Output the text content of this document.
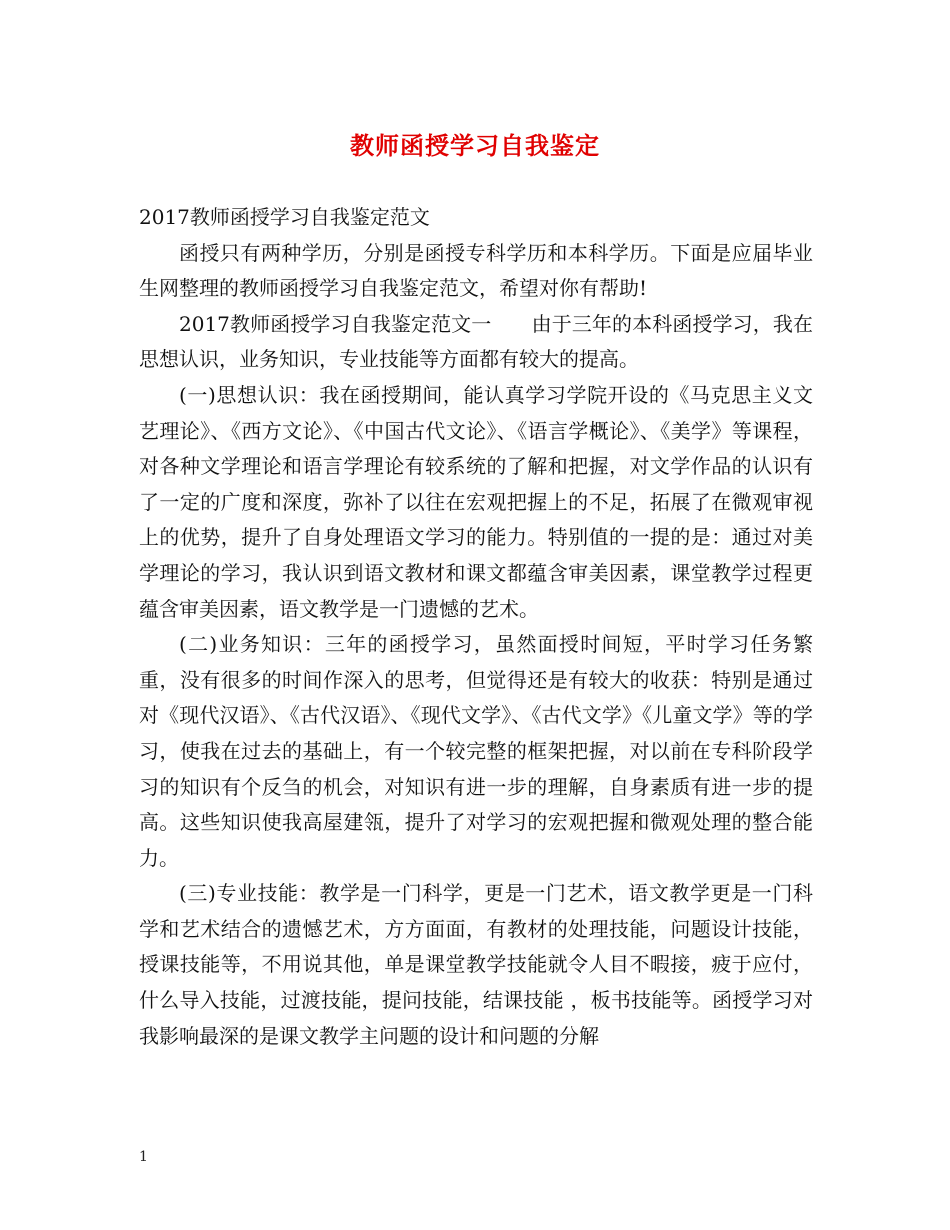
教师函授学习自我鉴定

2017教师函授学习自我鉴定范文

函授只有两种学历，分别是函授专科学历和本科学历。下面是应届毕业生网整理的教师函授学习自我鉴定范文，希望对你有帮助!

2017教师函授学习自我鉴定范文一　　由于三年的本科函授学习，我在思想认识，业务知识，专业技能等方面都有较大的提高。

(一)思想认识：我在函授期间，能认真学习学院开设的《马克思主义文艺理论》、《西方文论》、《中国古代文论》、《语言学概论》、《美学》等课程，对各种文学理论和语言学理论有较系统的了解和把握，对文学作品的认识有了一定的广度和深度，弥补了以往在宏观把握上的不足，拓展了在微观审视上的优势，提升了自身处理语文学习的能力。特别值的一提的是：通过对美学理论的学习，我认识到语文教材和课文都蕴含审美因素，课堂教学过程更蕴含审美因素，语文教学是一门遗憾的艺术。

(二)业务知识：三年的函授学习，虽然面授时间短，平时学习任务繁重，没有很多的时间作深入的思考，但觉得还是有较大的收获：特别是通过对《现代汉语》、《古代汉语》、《现代文学》、《古代文学》《儿童文学》等的学习，使我在过去的基础上，有一个较完整的框架把握，对以前在专科阶段学习的知识有个反刍的机会，对知识有进一步的理解，自身素质有进一步的提高。这些知识使我高屋建瓴，提升了对学习的宏观把握和微观处理的整合能力。

(三)专业技能：教学是一门科学，更是一门艺术，语文教学更是一门科学和艺术结合的遗憾艺术，方方面面，有教材的处理技能，问题设计技能，授课技能等，不用说其他，单是课堂教学技能就令人目不暇接，疲于应付，什么导入技能，过渡技能，提问技能，结课技能 ，板书技能等。函授学习对我影响最深的是课文教学主问题的设计和问题的分解

1
